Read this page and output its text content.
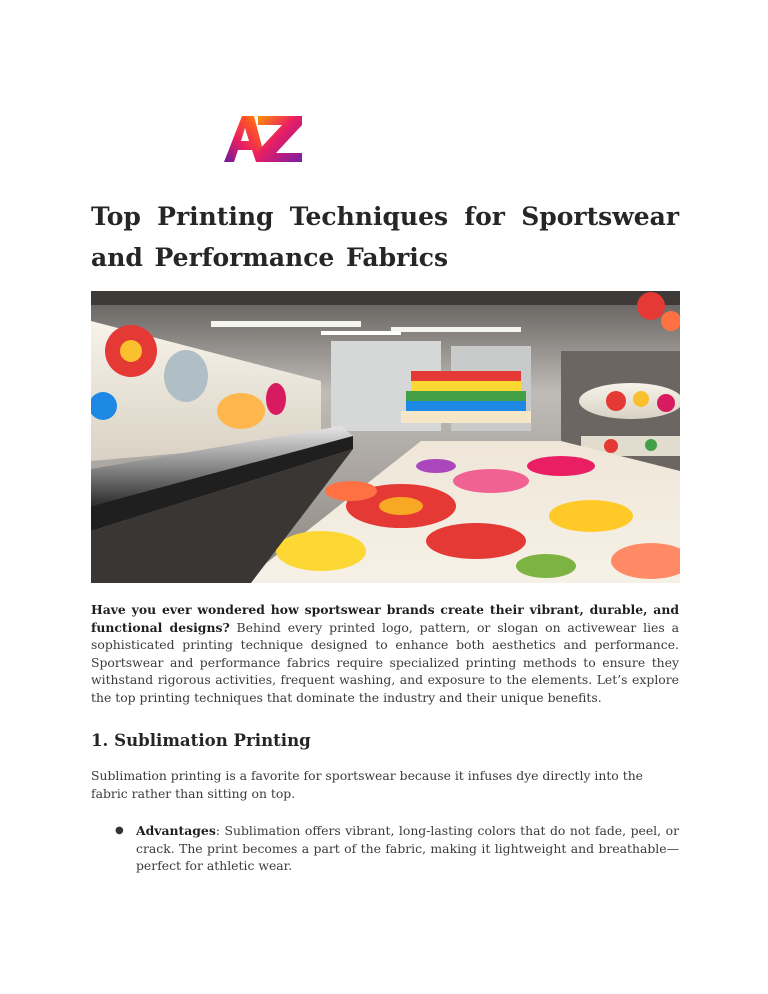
Top Printing Techniques for Sportswear and Performance Fabrics

Have you ever wondered how sportswear brands create their vibrant, durable, and functional designs? Behind every printed logo, pattern, or slogan on activewear lies a sophisticated printing technique designed to enhance both aesthetics and performance. Sportswear and performance fabrics require specialized printing methods to ensure they withstand rigorous activities, frequent washing, and exposure to the elements. Let’s explore the top printing techniques that dominate the industry and their unique benefits.

1. Sublimation Printing

Sublimation printing is a favorite for sportswear because it infuses dye directly into the fabric rather than sitting on top.

● Advantages: Sublimation offers vibrant, long-lasting colors that do not fade, peel, or crack. The print becomes a part of the fabric, making it lightweight and breathable—perfect for athletic wear.
